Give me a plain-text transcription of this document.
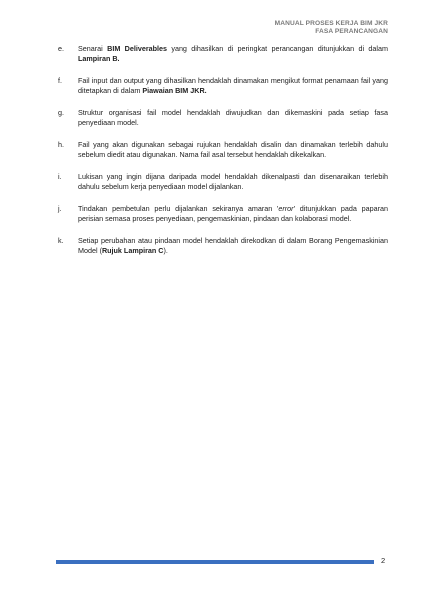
MANUAL PROSES KERJA BIM JKR
FASA PERANCANGAN
e. Senarai BIM Deliverables yang dihasilkan di peringkat perancangan ditunjukkan di dalam Lampiran B.
f. Fail input dan output yang dihasilkan hendaklah dinamakan mengikut format penamaan fail yang ditetapkan di dalam Piawaian BIM JKR.
g. Struktur organisasi fail model hendaklah diwujudkan dan dikemaskini pada setiap fasa penyediaan model.
h. Fail yang akan digunakan sebagai rujukan hendaklah disalin dan dinamakan terlebih dahulu sebelum diedit atau digunakan. Nama fail asal tersebut hendaklah dikekalkan.
i. Lukisan yang ingin dijana daripada model hendaklah dikenalpasti dan disenaraikan terlebih dahulu sebelum kerja penyediaan model dijalankan.
j. Tindakan pembetulan perlu dijalankan sekiranya amaran 'error' ditunjukkan pada paparan perisian semasa proses penyediaan, pengemaskinian, pindaan dan kolaborasi model.
k. Setiap perubahan atau pindaan model hendaklah direkodkan di dalam Borang Pengemaskinian Model (Rujuk Lampiran C).
2
